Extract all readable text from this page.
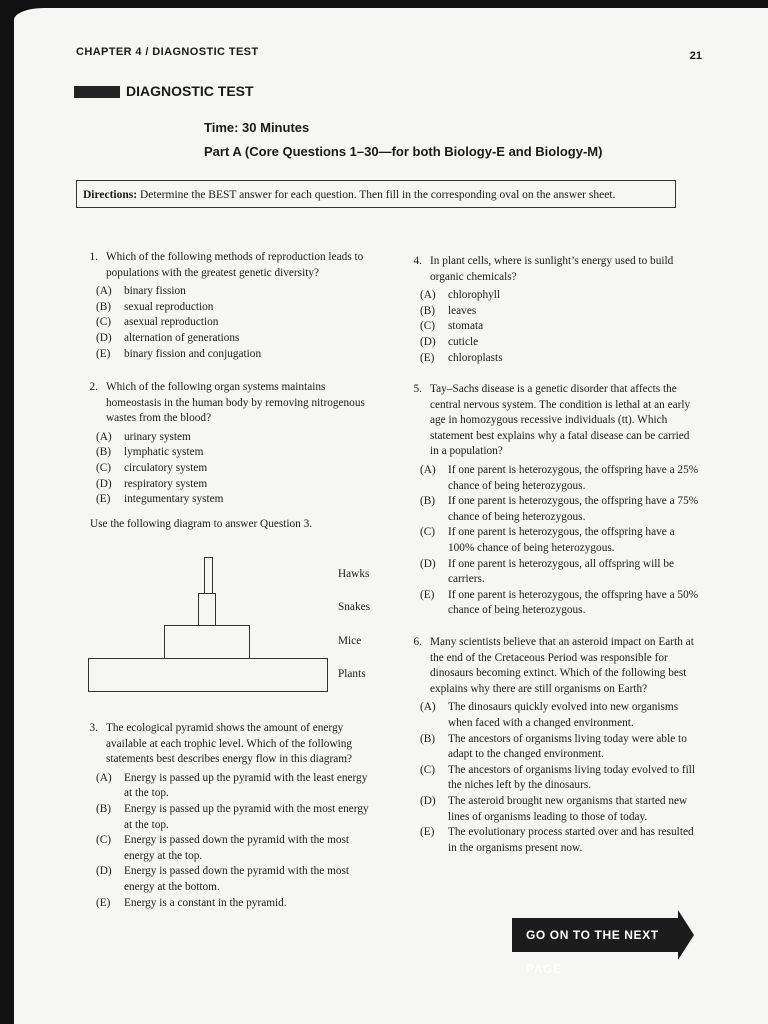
CHAPTER 4 / DIAGNOSTIC TEST	21
DIAGNOSTIC TEST
Time: 30 Minutes
Part A (Core Questions 1–30—for both Biology-E and Biology-M)
Directions: Determine the BEST answer for each question. Then fill in the corresponding oval on the answer sheet.
1. Which of the following methods of reproduction leads to populations with the greatest genetic diversity?
(A)	binary fission
(B)	sexual reproduction
(C)	asexual reproduction
(D)	alternation of generations
(E)	binary fission and conjugation
2. Which of the following organ systems maintains homeostasis in the human body by removing nitrogenous wastes from the blood?
(A)	urinary system
(B)	lymphatic system
(C)	circulatory system
(D)	respiratory system
(E)	integumentary system
Use the following diagram to answer Question 3.
Hawks
Snakes
Mice
Plants
3. The ecological pyramid shows the amount of energy available at each trophic level. Which of the following statements best describes energy flow in this diagram?
(A)	Energy is passed up the pyramid with the least energy at the top.
(B)	Energy is passed up the pyramid with the most energy at the top.
(C)	Energy is passed down the pyramid with the most energy at the top.
(D)	Energy is passed down the pyramid with the most energy at the bottom.
(E)	Energy is a constant in the pyramid.
4. In plant cells, where is sunlight’s energy used to build organic chemicals?
(A)	chlorophyll
(B)	leaves
(C)	stomata
(D)	cuticle
(E)	chloroplasts
5. Tay–Sachs disease is a genetic disorder that affects the central nervous system. The condition is lethal at an early age in homozygous recessive individuals (tt). Which statement best explains why a fatal disease can be carried in a population?
(A)	If one parent is heterozygous, the offspring have a 25% chance of being heterozygous.
(B)	If one parent is heterozygous, the offspring have a 75% chance of being heterozygous.
(C)	If one parent is heterozygous, the offspring have a 100% chance of being heterozygous.
(D)	If one parent is heterozygous, all offspring will be carriers.
(E)	If one parent is heterozygous, the offspring have a 50% chance of being heterozygous.
6. Many scientists believe that an asteroid impact on Earth at the end of the Cretaceous Period was responsible for dinosaurs becoming extinct. Which of the following best explains why there are still organisms on Earth?
(A)	The dinosaurs quickly evolved into new organisms when faced with a changed environment.
(B)	The ancestors of organisms living today were able to adapt to the changed environment.
(C)	The ancestors of organisms living today evolved to fill the niches left by the dinosaurs.
(D)	The asteroid brought new organisms that started new lines of organisms leading to those of today.
(E)	The evolutionary process started over and has resulted in the organisms present now.
GO ON TO THE NEXT PAGE
